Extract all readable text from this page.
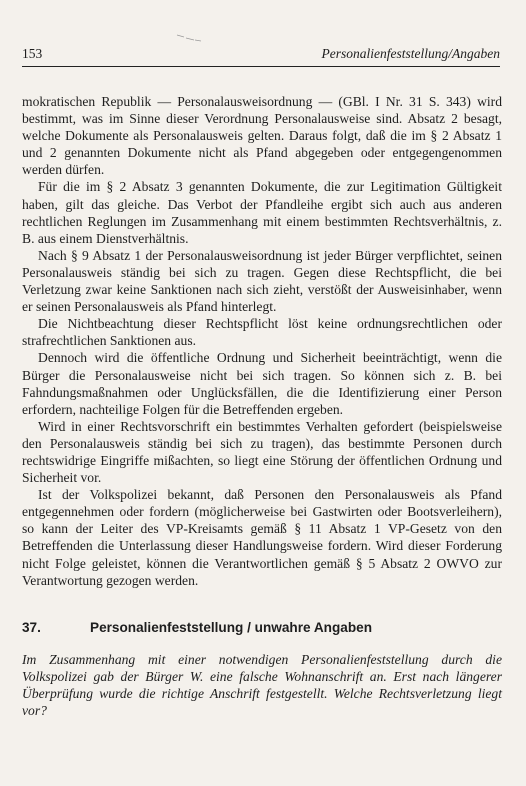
153	Personalienfeststellung/Angaben

mokratischen Republik — Personalausweisordnung — (GBl. I Nr. 31 S. 343) wird bestimmt, was im Sinne dieser Verordnung Personalausweise sind. Absatz 2 besagt, welche Dokumente als Personalausweis gelten. Daraus folgt, daß die im § 2 Absatz 1 und 2 genannten Dokumente nicht als Pfand abgegeben oder entgegengenommen werden dürfen.

Für die im § 2 Absatz 3 genannten Dokumente, die zur Legitimation Gültigkeit haben, gilt das gleiche. Das Verbot der Pfandleihe ergibt sich auch aus anderen rechtlichen Reglungen im Zusammenhang mit einem bestimmten Rechtsverhältnis, z. B. aus einem Dienstverhältnis.

Nach § 9 Absatz 1 der Personalausweisordnung ist jeder Bürger verpflichtet, seinen Personalausweis ständig bei sich zu tragen. Gegen diese Rechtspflicht, die bei Verletzung zwar keine Sanktionen nach sich zieht, verstößt der Ausweisinhaber, wenn er seinen Personalausweis als Pfand hinterlegt.

Die Nichtbeachtung dieser Rechtspflicht löst keine ordnungsrechtlichen oder strafrechtlichen Sanktionen aus.

Dennoch wird die öffentliche Ordnung und Sicherheit beeinträchtigt, wenn die Bürger die Personalausweise nicht bei sich tragen. So können sich z. B. bei Fahndungsmaßnahmen oder Unglücksfällen, die die Identifizierung einer Person erfordern, nachteilige Folgen für die Betreffenden ergeben.

Wird in einer Rechtsvorschrift ein bestimmtes Verhalten gefordert (beispielsweise den Personalausweis ständig bei sich zu tragen), das bestimmte Personen durch rechtswidrige Eingriffe mißachten, so liegt eine Störung der öffentlichen Ordnung und Sicherheit vor.

Ist der Volkspolizei bekannt, daß Personen den Personalausweis als Pfand entgegennehmen oder fordern (möglicherweise bei Gastwirten oder Bootsverleihern), so kann der Leiter des VP-Kreisamts gemäß § 11 Absatz 1 VP-Gesetz von den Betreffenden die Unterlassung dieser Handlungsweise fordern. Wird dieser Forderung nicht Folge geleistet, können die Verantwortlichen gemäß § 5 Absatz 2 OWVO zur Verantwortung gezogen werden.

37.	Personalienfeststellung / unwahre Angaben

Im Zusammenhang mit einer notwendigen Personalienfeststellung durch die Volkspolizei gab der Bürger W. eine falsche Wohnanschrift an. Erst nach längerer Überprüfung wurde die richtige Anschrift festgestellt. Welche Rechtsverletzung liegt vor?
